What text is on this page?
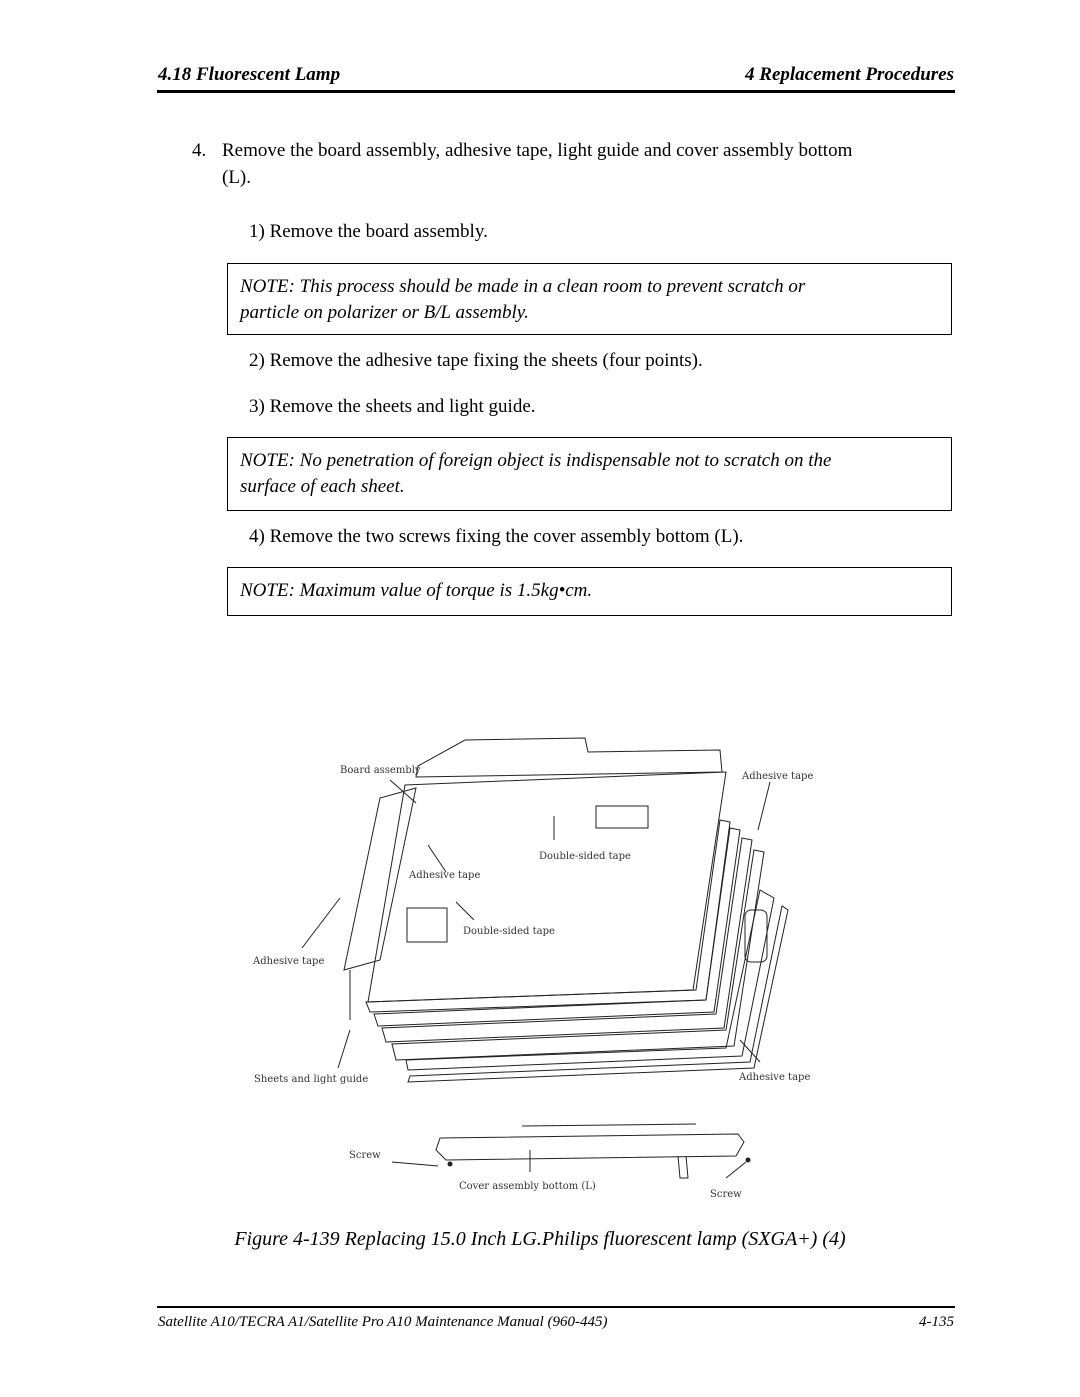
4.18 Fluorescent Lamp	4 Replacement Procedures
4. Remove the board assembly, adhesive tape, light guide and cover assembly bottom
(L).
1) Remove the board assembly.
NOTE: This process should be made in a clean room to prevent scratch or
particle on polarizer or B/L assembly.
2) Remove the adhesive tape fixing the sheets (four points).
3) Remove the sheets and light guide.
NOTE: No penetration of foreign object is indispensable not to scratch on the
surface of each sheet.
4) Remove the two screws fixing the cover assembly bottom (L).
NOTE: Maximum value of torque is 1.5kg•cm.
Board assembly
Adhesive tape
Double-sided tape
Adhesive tape
Double-sided tape
Adhesive tape
Sheets and light guide	Adhesive tape
Screw
Cover assembly bottom (L)
Screw
Figure 4-139 Replacing 15.0 Inch LG.Philips fluorescent lamp (SXGA+) (4)
Satellite A10/TECRA A1/Satellite Pro A10 Maintenance Manual (960-445)	4-135
